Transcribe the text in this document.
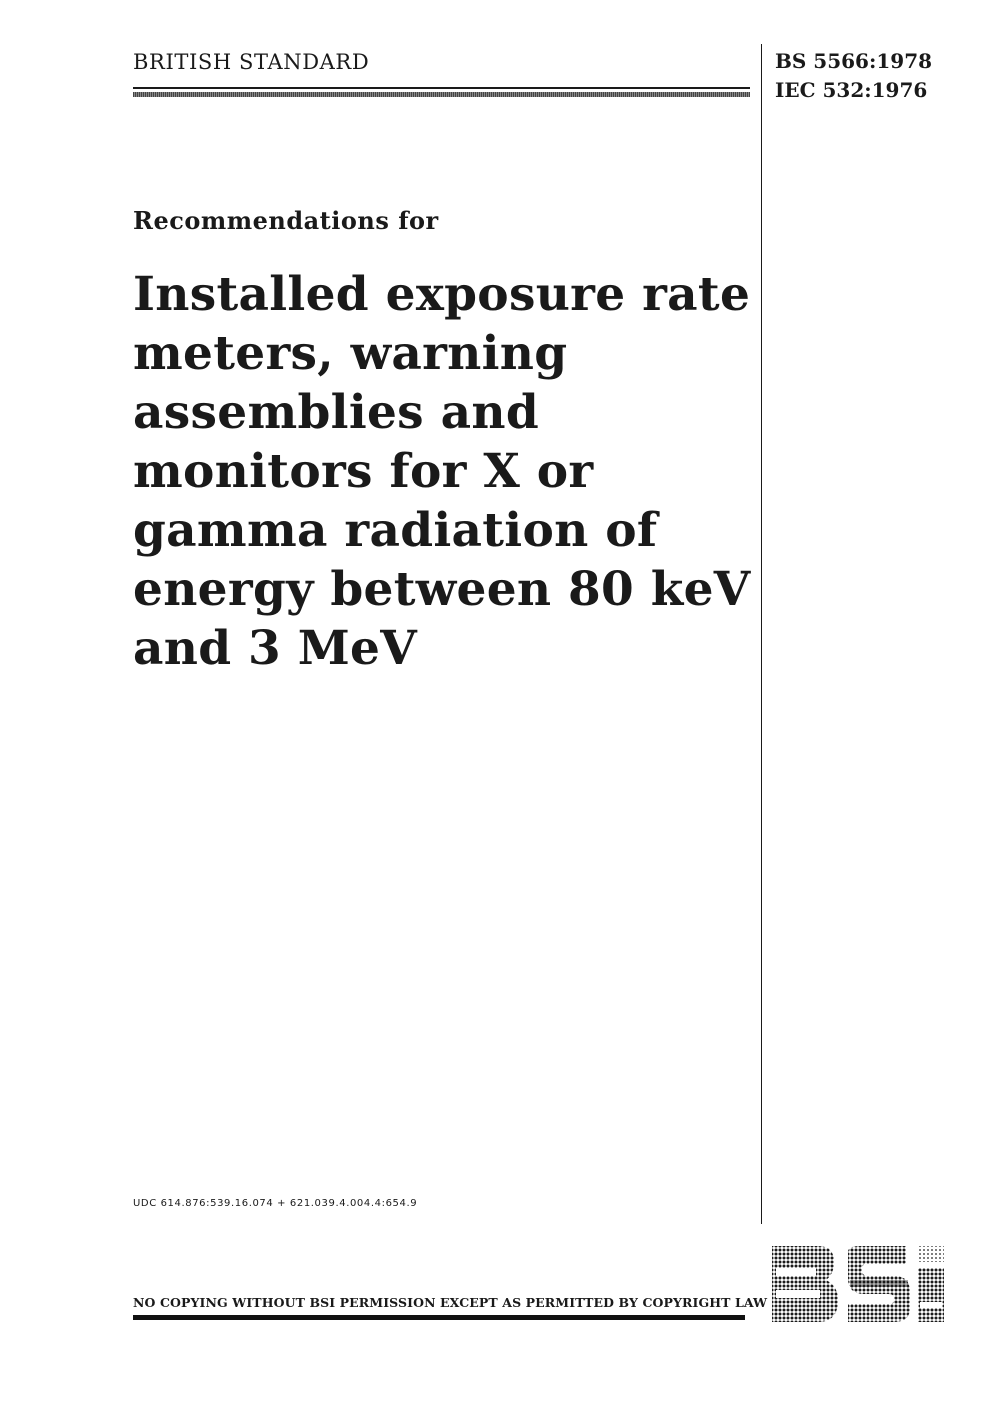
BRITISH STANDARD	BS 5566:1978
IEC 532:1976
Recommendations for
Installed exposure rate
meters, warning
assemblies and
monitors for X or
gamma radiation of
energy between 80 keV
and 3 MeV
UDC 614.876:539.16.074 + 621.039.4.004.4:654.9
NO COPYING WITHOUT BSI PERMISSION EXCEPT AS PERMITTED BY COPYRIGHT LAW
